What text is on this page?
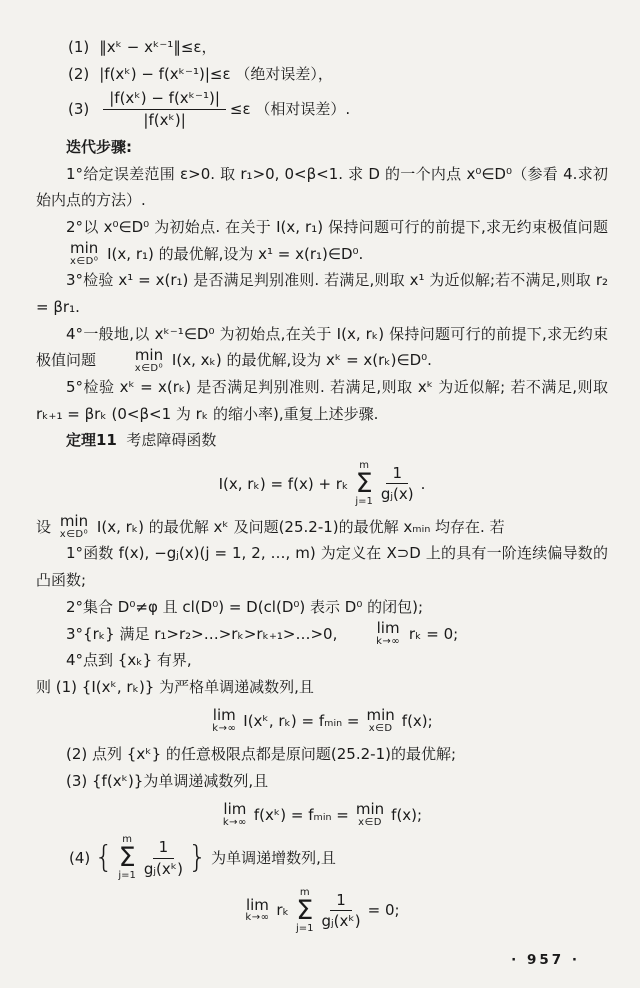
(1) ‖xᵏ − xᵏ⁻¹‖≤ε，
(2) |f(xᵏ) − f(xᵏ⁻¹)|≤ε （绝对误差），
$(3) \frac{\text{|f(xᵏ) − f(xᵏ⁻¹)|}}{\text{|f(xᵏ)|}} \le\varepsilon$ （相对误差）.
迭代步骤:
1°给定误差范围 ε>0. 取 r₁>0, 0<β<1. 求 D 的一个内点 x⁰∈D⁰（参看 4.求初始内点的方法）.
2°以 x⁰∈D⁰ 为初始点. 在关于 I(x, r₁) 保持问题可行的前提下,求无约束极值问题
min
x∈D⁰ I(x, r₁) 的最优解,设为 x¹ = x(r₁)∈D⁰.
3°检验 x¹ = x(r₁) 是否满足判别准则. 若满足,则取 x¹ 为近似解;若不满足,则取 r₂ = βr₁.
4°一般地,以 xᵏ⁻¹∈D⁰ 为初始点,在关于 I(x, rₖ) 保持问题可行的前提下,求无约束极值问题	min
x∈D⁰ I(x, xₖ) 的最优解,设为 xᵏ = x(rₖ)∈D⁰.
5°检验 xᵏ = x(rₖ) 是否满足判别准则. 若满足,则取 xᵏ 为近似解; 若不满足,则取 rₖ₊₁ = βrₖ (0<β<1 为 rₖ 的缩小率),重复上述步骤.
定理11 考虑障碍函数
I(x, rₖ) = f(x) + rₖ
m
Σ
$j=1 \frac{1}{\text{gⱼ(x)}}$ .
设 min
x∈D⁰ I(x, rₖ) 的最优解 xᵏ 及问题(25.2-1)的最优解 xₘᵢₙ 均存在. 若
1°函数 f(x), −gⱼ(x)(j = 1, 2, …, m) 为定义在 X⊃D 上的具有一阶连续偏导数的凸函数;
2°集合 D⁰≠φ 且 cl(D⁰) = D(cl(D⁰) 表示 D⁰ 的闭包);
3°{rₖ} 满足 r₁>r₂>…>rₖ>rₖ₊₁>…>0,	lim
k→∞ rₖ = 0;
4°点到 {xₖ} 有界,
则 (1) {I(xᵏ, rₖ)} 为严格单调递减数列,且
lim
k→∞ I(xᵏ, rₖ) = fₘᵢₙ = min
x∈D f(x);
(2) 点列 {xᵏ} 的任意极限点都是原问题(25.2-1)的最优解;
(3) {f(xᵏ)}为单调递减数列,且
lim
k→∞ f(xᵏ) = fₘᵢₙ = min
x∈D f(x);
(4) {
m
Σ
$j=1 \frac{1}{\text{gⱼ(xᵏ)}}$ } 为单调递增数列,且
lim
k→∞ rₖ
m
Σ
$j=1 \frac{1}{\text{gⱼ(xᵏ)}} = 0$;
· 957 ·
